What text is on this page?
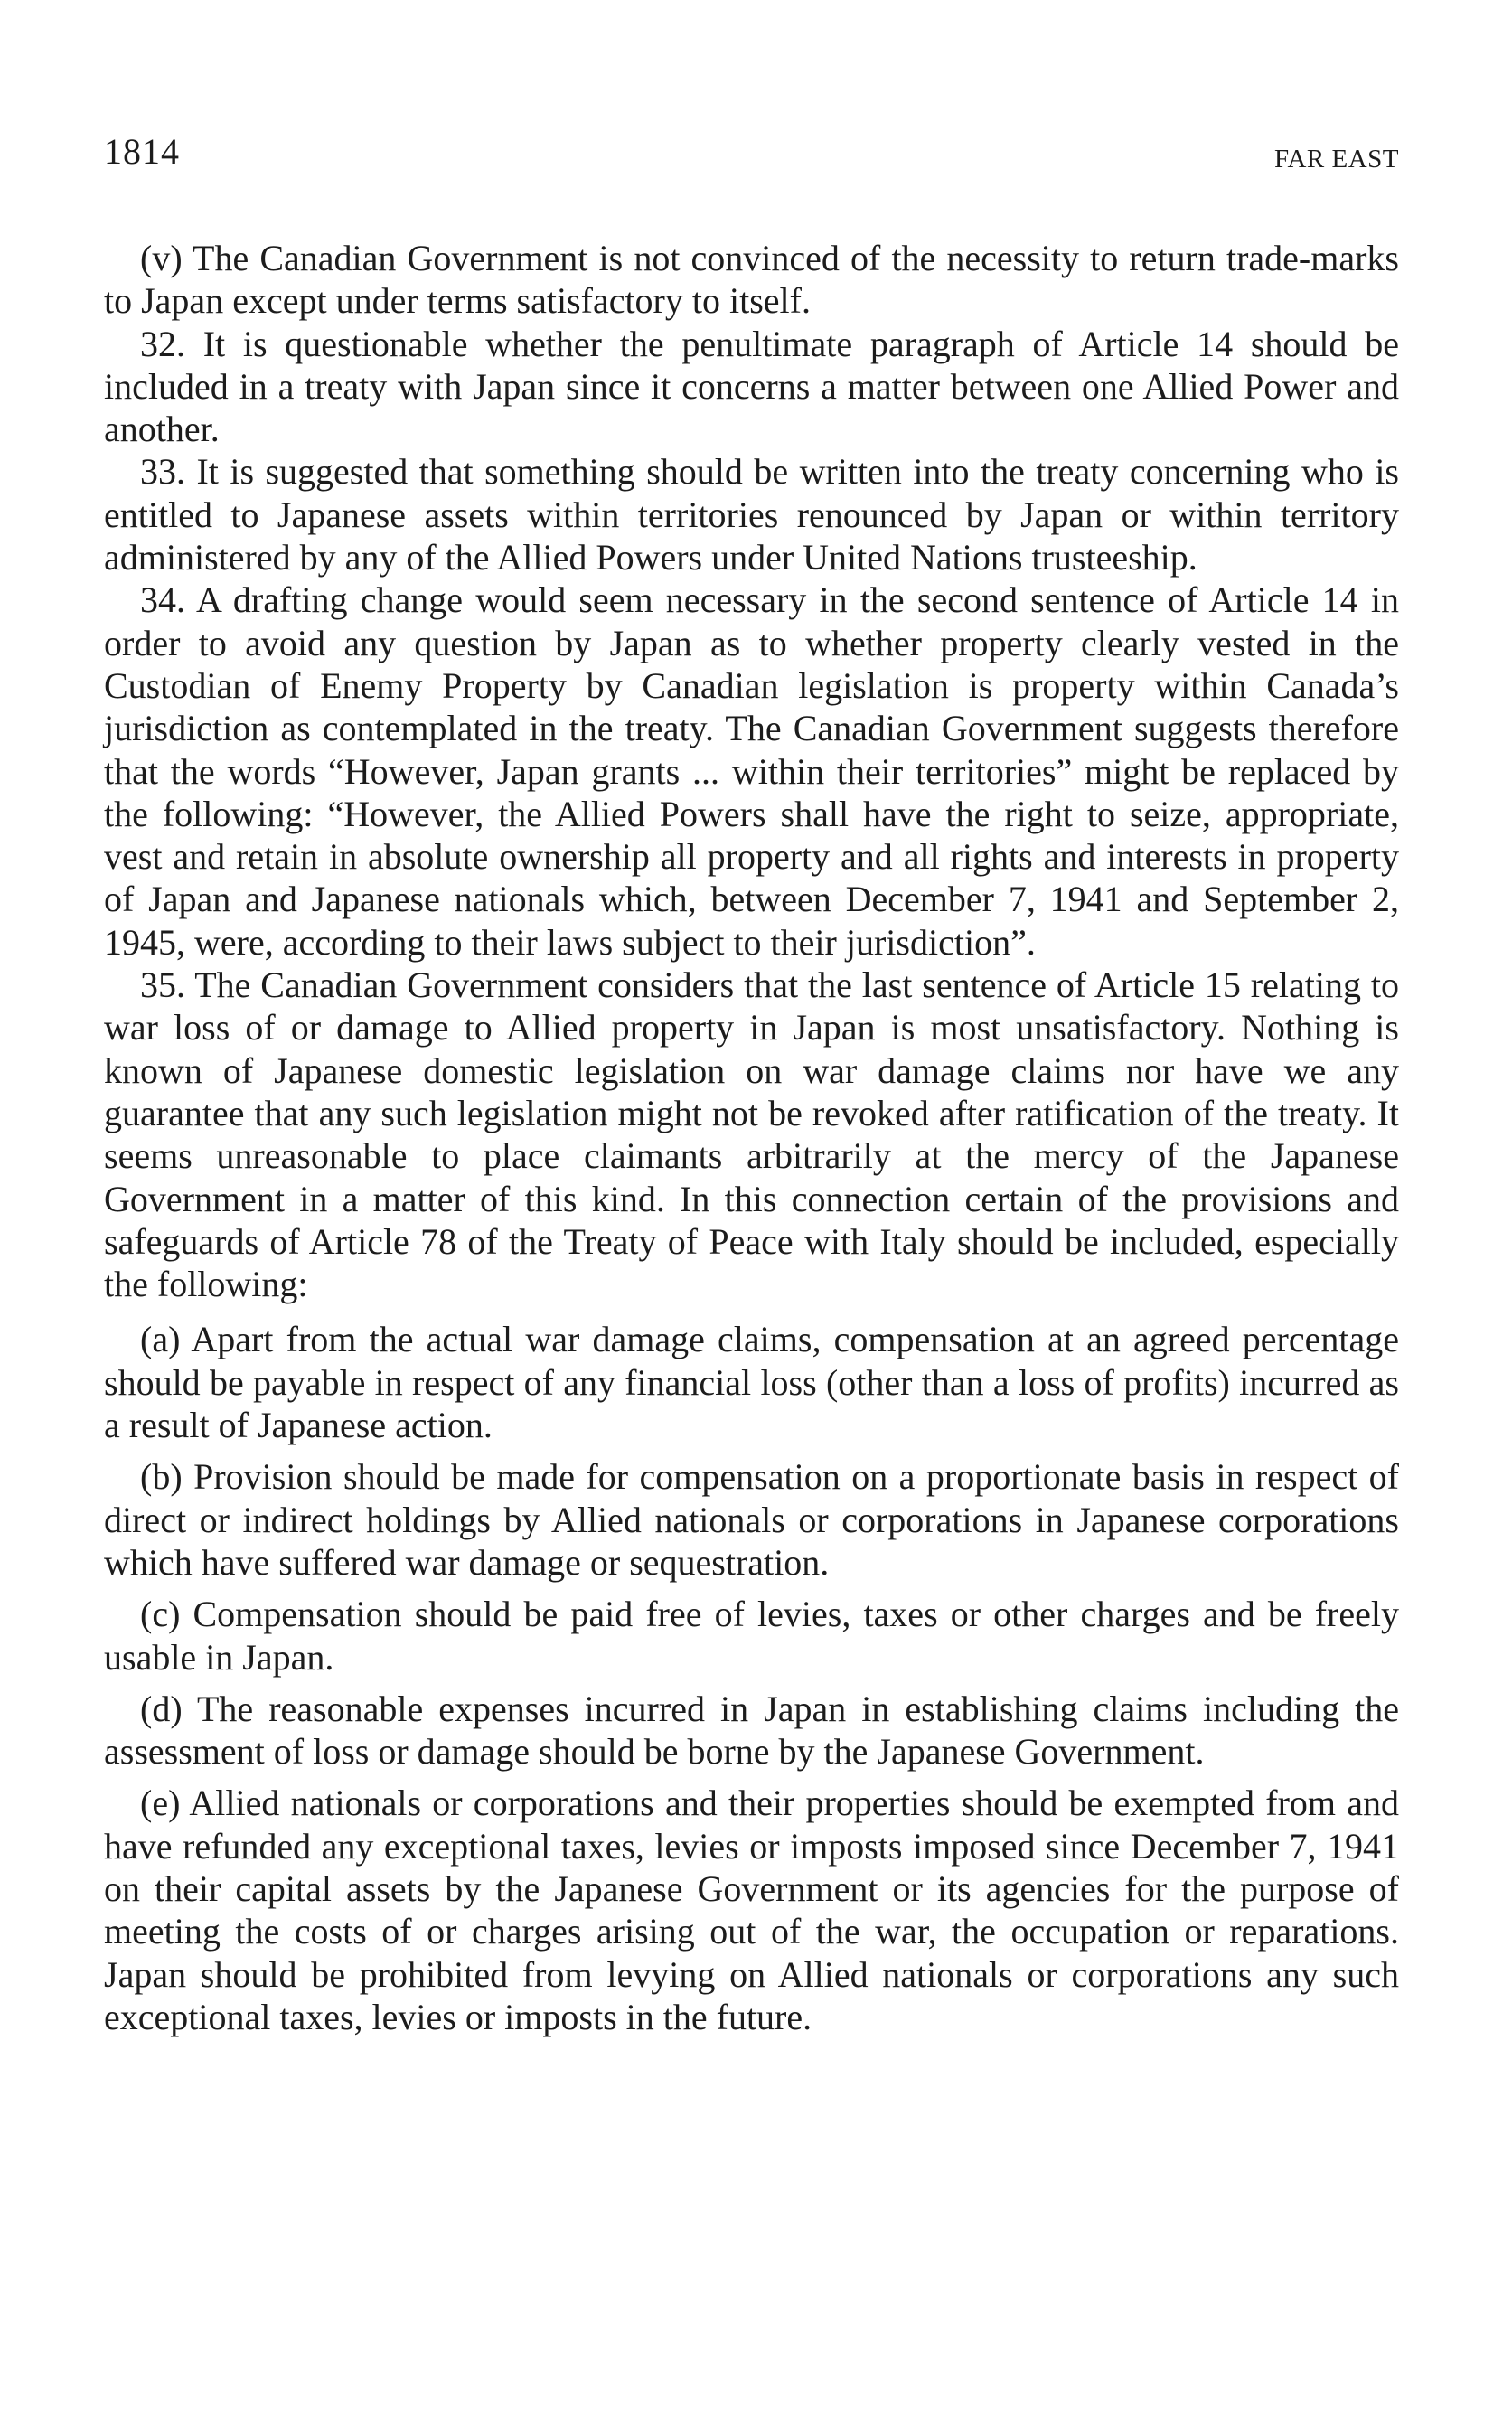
1814	FAR EAST

(v) The Canadian Government is not convinced of the necessity to return trade-marks to Japan except under terms satisfactory to itself.

32. It is questionable whether the penultimate paragraph of Article 14 should be included in a treaty with Japan since it concerns a matter between one Allied Power and another.

33. It is suggested that something should be written into the treaty concerning who is entitled to Japanese assets within territories renounced by Japan or within territory administered by any of the Allied Powers under United Nations trusteeship.

34. A drafting change would seem necessary in the second sentence of Article 14 in order to avoid any question by Japan as to whether property clearly vested in the Custodian of Enemy Property by Canadian legislation is property within Canada’s jurisdiction as contemplated in the treaty. The Canadian Government suggests therefore that the words “However, Japan grants ... within their territories” might be replaced by the following: “However, the Allied Powers shall have the right to seize, appropriate, vest and retain in absolute ownership all property and all rights and interests in property of Japan and Japanese nationals which, between December 7, 1941 and September 2, 1945, were, according to their laws subject to their jurisdiction”.

35. The Canadian Government considers that the last sentence of Article 15 relating to war loss of or damage to Allied property in Japan is most unsatisfactory. Nothing is known of Japanese domestic legislation on war damage claims nor have we any guarantee that any such legislation might not be revoked after ratification of the treaty. It seems unreasonable to place claimants arbitrarily at the mercy of the Japanese Government in a matter of this kind. In this connection certain of the provisions and safeguards of Article 78 of the Treaty of Peace with Italy should be included, especially the following:

(a) Apart from the actual war damage claims, compensation at an agreed percentage should be payable in respect of any financial loss (other than a loss of profits) incurred as a result of Japanese action.

(b) Provision should be made for compensation on a proportionate basis in respect of direct or indirect holdings by Allied nationals or corporations in Japanese corporations which have suffered war damage or sequestration.

(c) Compensation should be paid free of levies, taxes or other charges and be freely usable in Japan.

(d) The reasonable expenses incurred in Japan in establishing claims including the assessment of loss or damage should be borne by the Japanese Government.

(e) Allied nationals or corporations and their properties should be exempted from and have refunded any exceptional taxes, levies or imposts imposed since December 7, 1941 on their capital assets by the Japanese Government or its agencies for the purpose of meeting the costs of or charges arising out of the war, the occupation or reparations. Japan should be prohibited from levying on Allied nationals or corporations any such exceptional taxes, levies or imposts in the future.
